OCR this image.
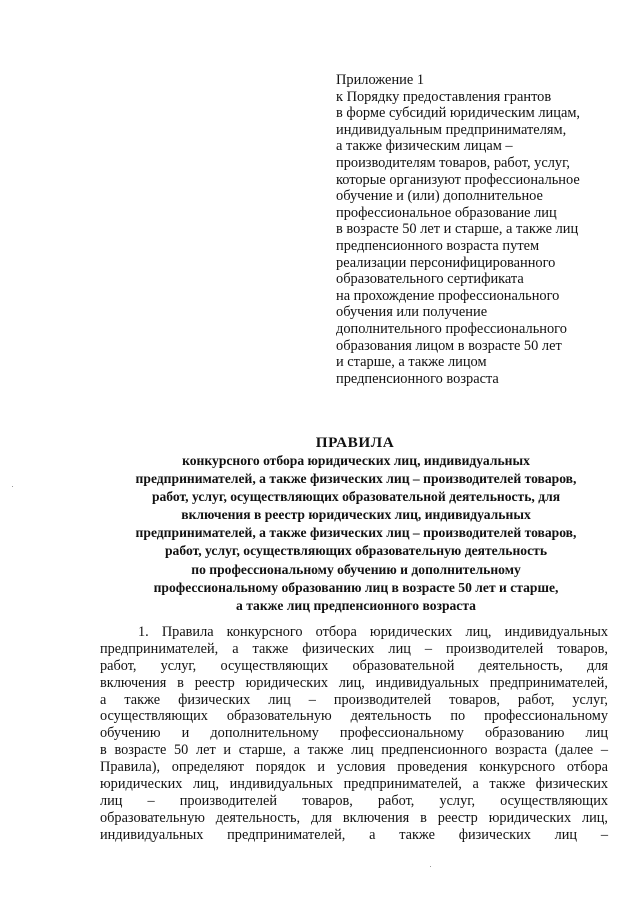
Приложение 1
к Порядку предоставления грантов
в форме субсидий юридическим лицам,
индивидуальным предпринимателям,
а также физическим лицам –
производителям товаров, работ, услуг,
которые организуют профессиональное
обучение и (или) дополнительное
профессиональное образование лиц
в возрасте 50 лет и старше, а также лиц
предпенсионного возраста путем
реализации персонифицированного
образовательного сертификата
на прохождение профессионального
обучения или получение
дополнительного профессионального
образования лицом в возрасте 50 лет
и старше, а также лицом
предпенсионного возраста
ПРАВИЛА
конкурсного отбора юридических лиц, индивидуальных
предпринимателей, а также физических лиц – производителей товаров,
работ, услуг, осуществляющих образовательной деятельность, для
включения в реестр юридических лиц, индивидуальных
предпринимателей, а также физических лиц – производителей товаров,
работ, услуг, осуществляющих образовательную деятельность
по профессиональному обучению и дополнительному
профессиональному образованию лиц в возрасте 50 лет и старше,
а также лиц предпенсионного возраста
1. Правила конкурсного отбора юридических лиц, индивидуальных
предпринимателей, а также физических лиц – производителей товаров,
работ, услуг, осуществляющих образовательной деятельность, для
включения в реестр юридических лиц, индивидуальных предпринимателей,
а также физических лиц – производителей товаров, работ, услуг,
осуществляющих образовательную деятельность по профессиональному
обучению и дополнительному профессиональному образованию лиц
в возрасте 50 лет и старше, а также лиц предпенсионного возраста (далее –
Правила), определяют порядок и условия проведения конкурсного отбора
юридических лиц, индивидуальных предпринимателей, а также физических
лиц – производителей товаров, работ, услуг, осуществляющих
образовательную деятельность, для включения в реестр юридических лиц,
индивидуальных предпринимателей, а также физических лиц –
